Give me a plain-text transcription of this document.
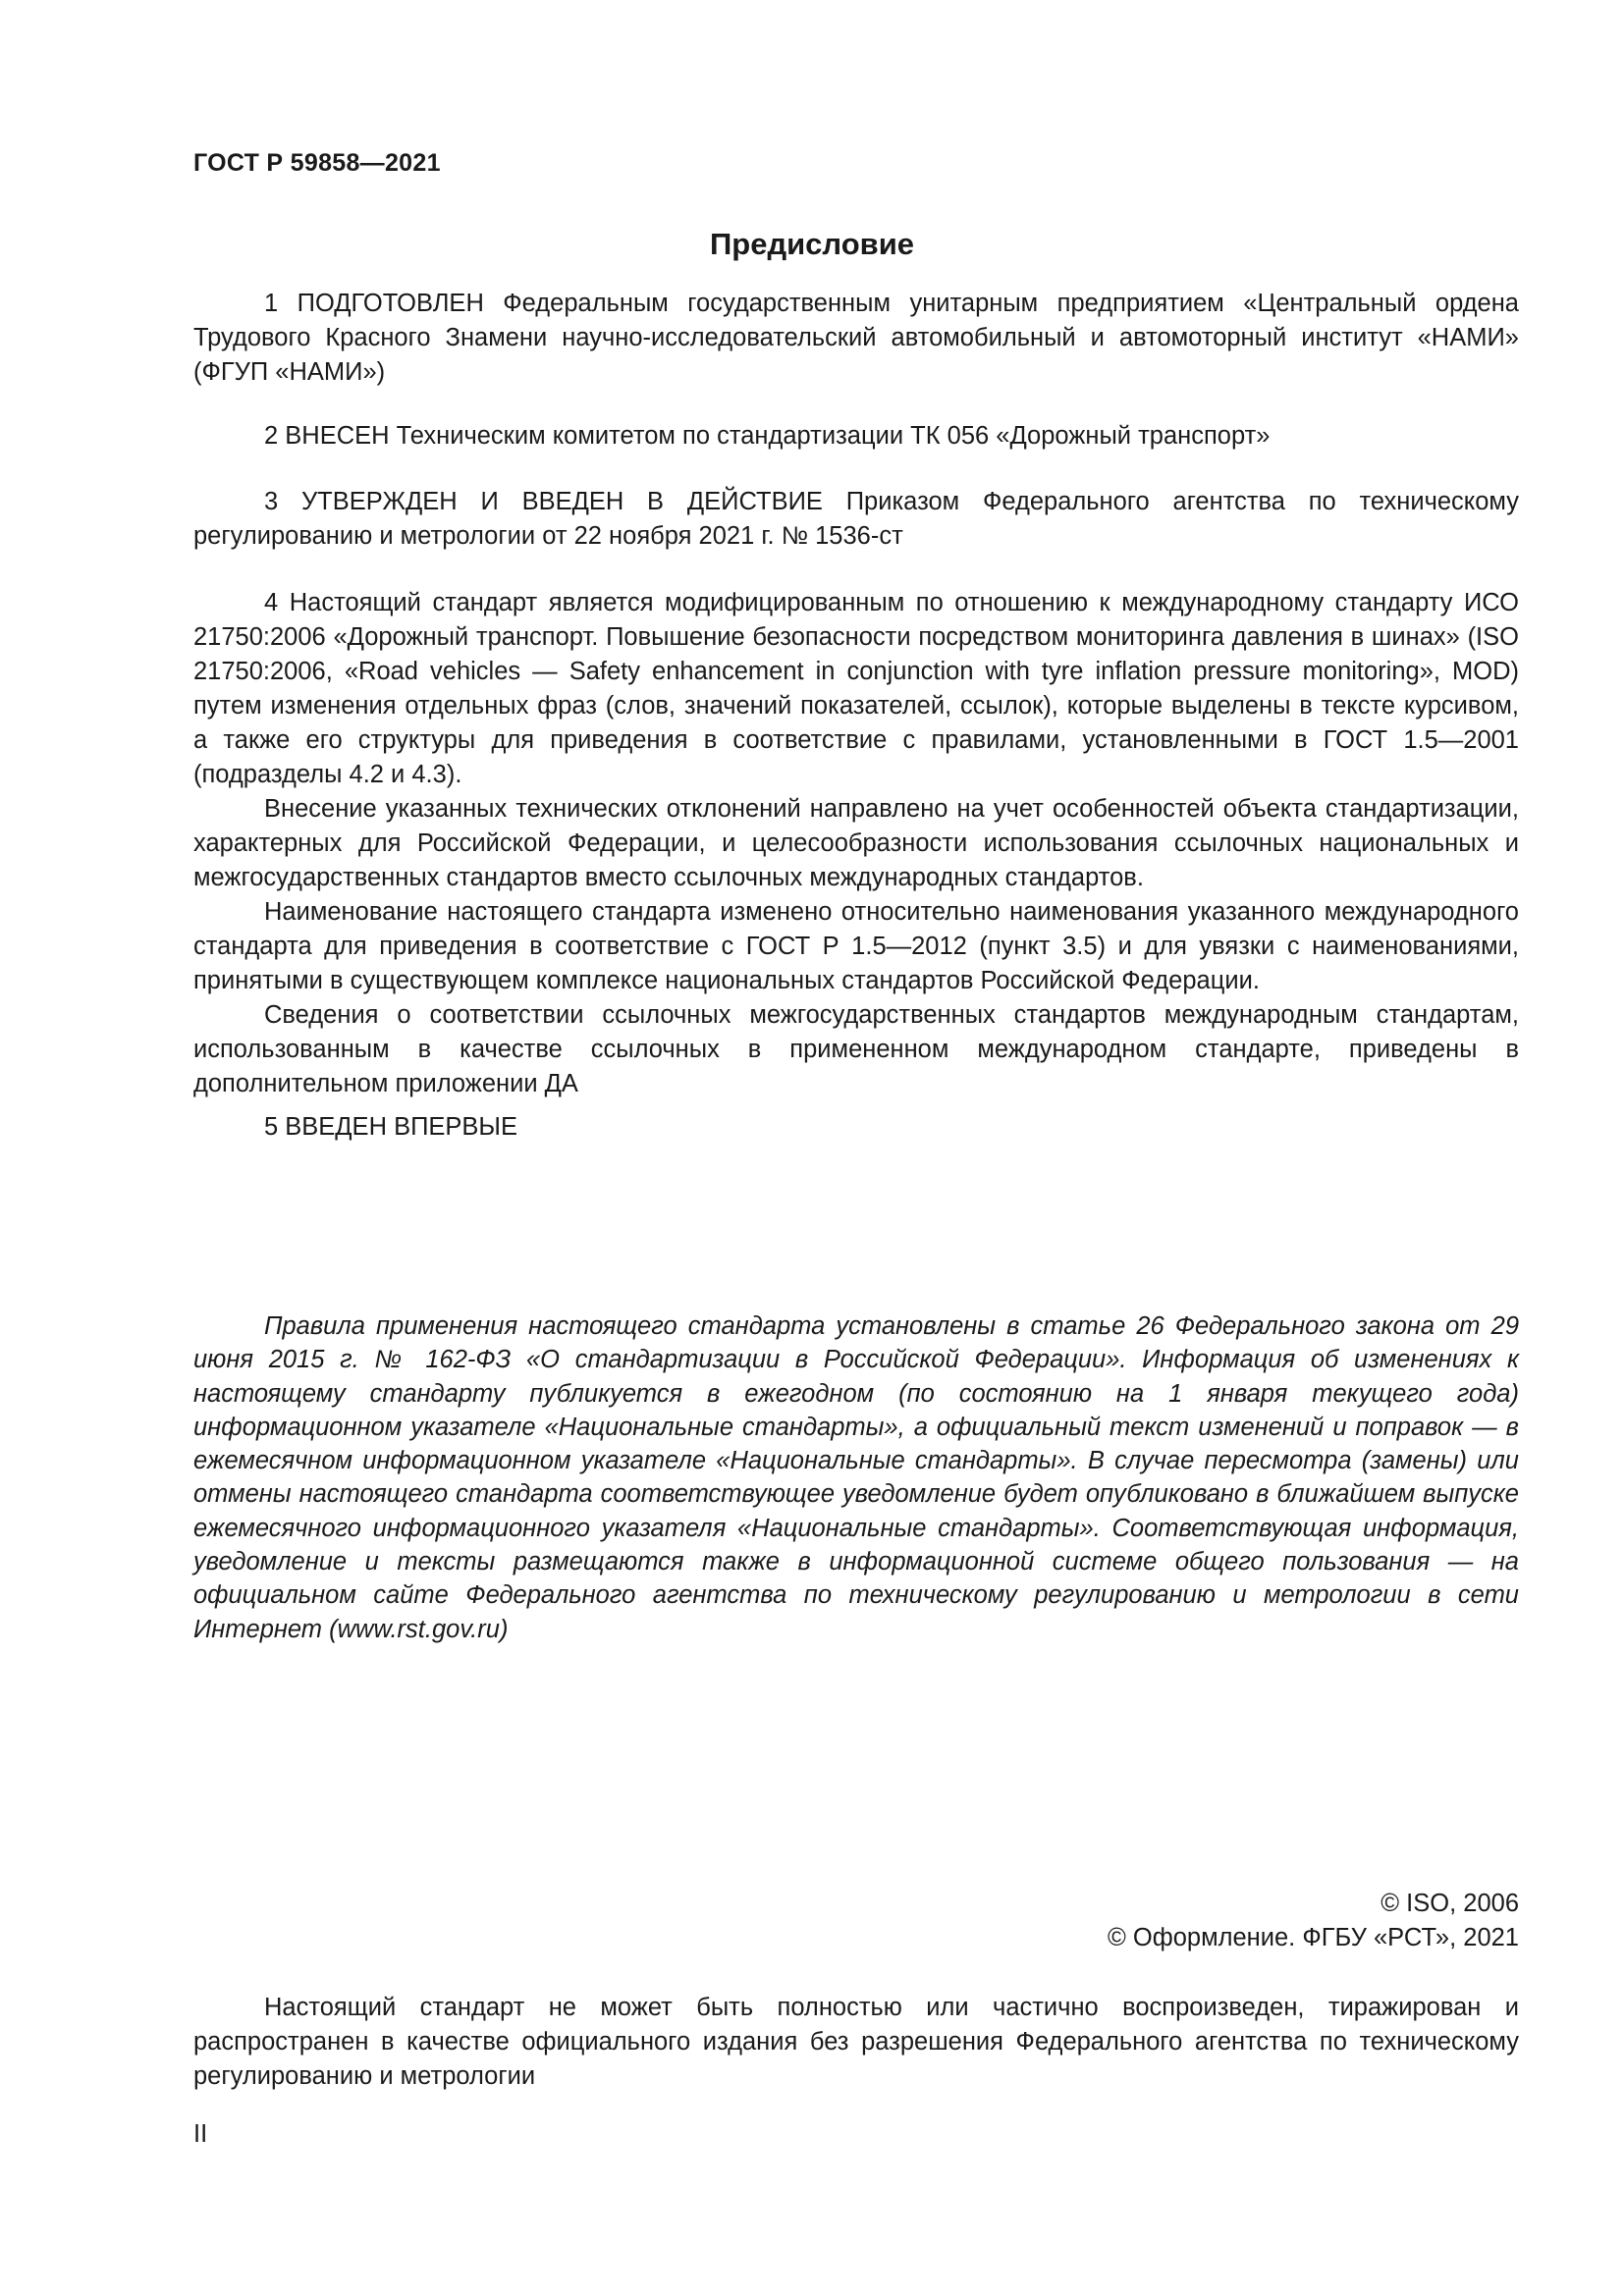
ГОСТ Р 59858—2021
Предисловие

1 ПОДГОТОВЛЕН Федеральным государственным унитарным предприятием «Центральный ордена Трудового Красного Знамени научно-исследовательский автомобильный и автомоторный институт «НАМИ» (ФГУП «НАМИ»)

2 ВНЕСЕН Техническим комитетом по стандартизации ТК 056 «Дорожный транспорт»

3 УТВЕРЖДЕН И ВВЕДЕН В ДЕЙСТВИЕ Приказом Федерального агентства по техническому регулированию и метрологии от 22 ноября 2021 г. № 1536-ст

4 Настоящий стандарт является модифицированным по отношению к международному стандарту ИСО 21750:2006 «Дорожный транспорт. Повышение безопасности посредством мониторинга давления в шинах» (ISO 21750:2006, «Road vehicles — Safety enhancement in conjunction with tyre inflation pressure monitoring», MOD) путем изменения отдельных фраз (слов, значений показателей, ссылок), которые выделены в тексте курсивом, а также его структуры для приведения в соответствие с правилами, установленными в ГОСТ 1.5—2001 (подразделы 4.2 и 4.3).

Внесение указанных технических отклонений направлено на учет особенностей объекта стандартизации, характерных для Российской Федерации, и целесообразности использования ссылочных национальных и межгосударственных стандартов вместо ссылочных международных стандартов.

Наименование настоящего стандарта изменено относительно наименования указанного международного стандарта для приведения в соответствие с ГОСТ Р 1.5—2012 (пункт 3.5) и для увязки с наименованиями, принятыми в существующем комплексе национальных стандартов Российской Федерации.

Сведения о соответствии ссылочных межгосударственных стандартов международным стандартам, использованным в качестве ссылочных в примененном международном стандарте, приведены в дополнительном приложении ДА

5 ВВЕДЕН ВПЕРВЫЕ

Правила применения настоящего стандарта установлены в статье 26 Федерального закона от 29 июня 2015 г. № 162-ФЗ «О стандартизации в Российской Федерации». Информация об изменениях к настоящему стандарту публикуется в ежегодном (по состоянию на 1 января текущего года) информационном указателе «Национальные стандарты», а официальный текст изменений и поправок — в ежемесячном информационном указателе «Национальные стандарты». В случае пересмотра (замены) или отмены настоящего стандарта соответствующее уведомление будет опубликовано в ближайшем выпуске ежемесячного информационного указателя «Национальные стандарты». Соответствующая информация, уведомление и тексты размещаются также в информационной системе общего пользования — на официальном сайте Федерального агентства по техническому регулированию и метрологии в сети Интернет (www.rst.gov.ru)

© ISO, 2006
© Оформление. ФГБУ «РСТ», 2021

Настоящий стандарт не может быть полностью или частично воспроизведен, тиражирован и распространен в качестве официального издания без разрешения Федерального агентства по техническому регулированию и метрологии

II
